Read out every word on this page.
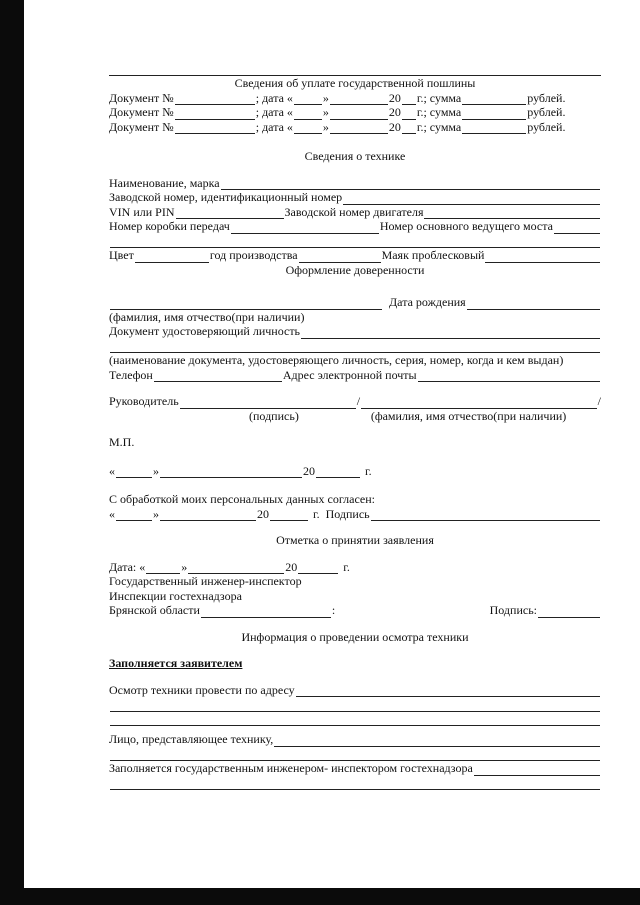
Сведения об уплате государственной пошлины
Документ №	; дата «	»	20 г.; сумма	рублей.
Документ №	; дата «	»	20 г.; сумма	рублей.
Документ №	; дата «	»	20 г.; сумма	рублей.
Сведения о технике
Наименование, марка
Заводской номер, идентификационный номер
VIN или PIN	Заводской номер двигателя
Номер коробки передач	Номер основного ведущего моста
Цвет	год производства	Маяк проблесковый
Оформление доверенности
Дата рождения
(фамилия, имя отчество(при наличии)
Документ удостоверяющий личность
(наименование документа, удостоверяющего личность, серия, номер, когда и кем выдан)
Телефон	Адрес электронной почты
Руководитель	/	/
(подпись)	(фамилия, имя отчество(при наличии)
М.П.
«	»	20	г.
С обработкой моих персональных данных согласен:
«	»	20	г. Подпись
Отметка о принятии заявления
Дата: «	»	20	г.
Государственный инженер-инспектор
Инспекции гостехнадзора
Брянской области	:	Подпись:
Информация о проведении осмотра техники
Заполняется заявителем
Осмотр техники провести по адресу
Лицо, представляющее технику,
Заполняется государственным инженером- инспектором гостехнадзора
